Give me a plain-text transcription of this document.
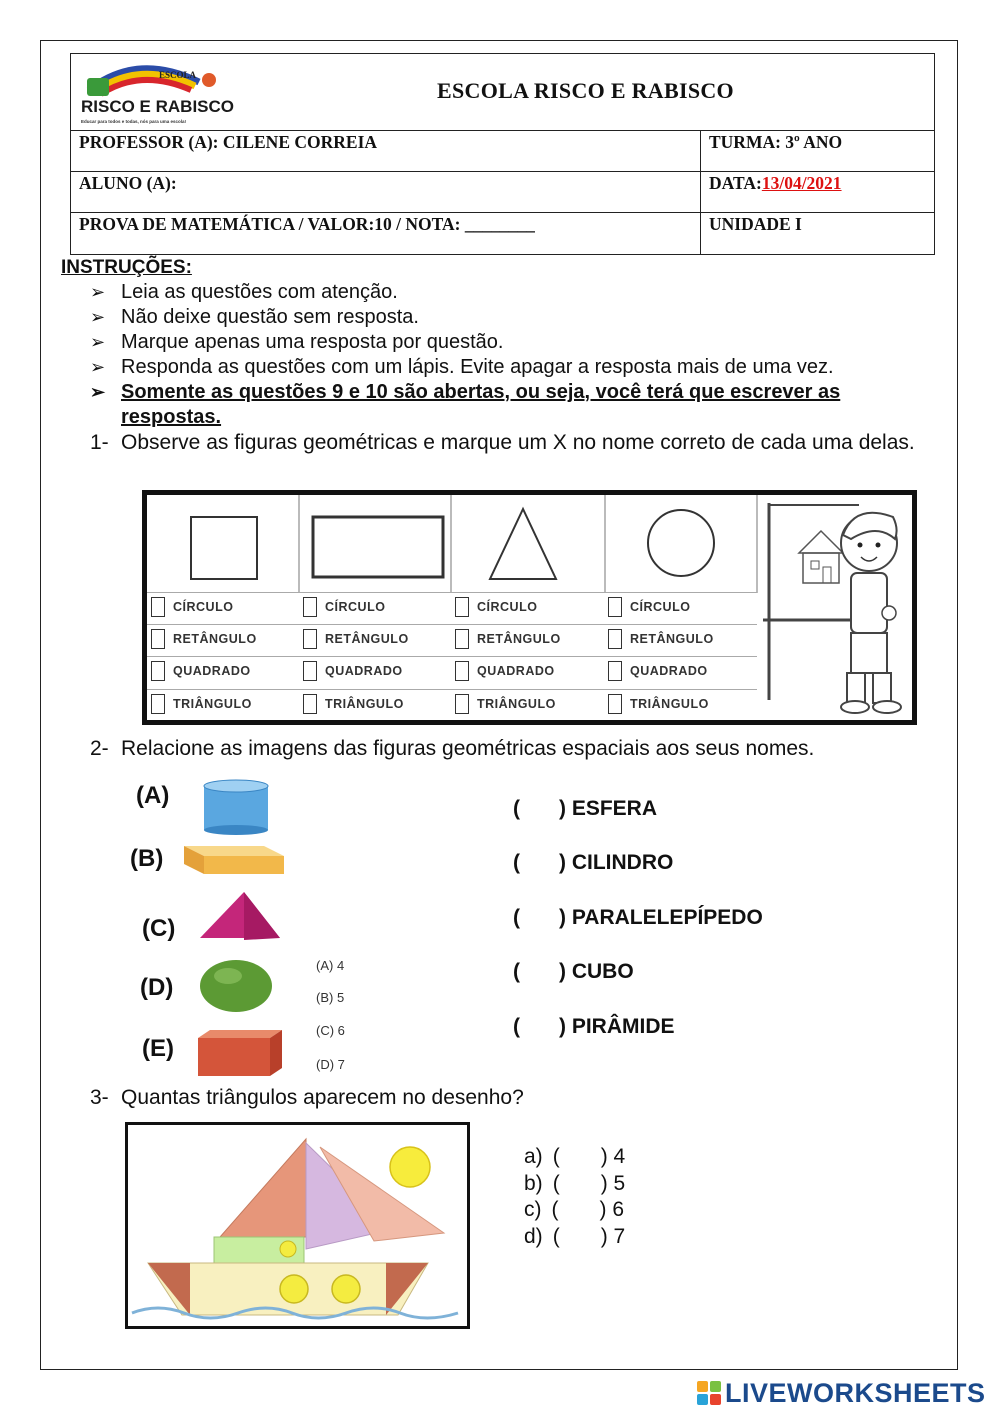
ESCOLA
RISCO E RABISCO
Educar para todos e todas, nós para uma escola!
ESCOLA RISCO E RABISCO
PROFESSOR (A): CILENE CORREIA	TURMA: 3º ANO
ALUNO (A):	DATA:13/04/2021
PROVA DE MATEMÁTICA / VALOR:10 / NOTA: ________	UNIDADE I
INSTRUÇÕES:
➢ Leia as questões com atenção.
➢ Não deixe questão sem resposta.
➢ Marque apenas uma resposta por questão.
➢ Responda as questões com um lápis. Evite apagar a resposta mais de uma vez.
➢ Somente as questões 9 e 10 são abertas, ou seja, você terá que escrever as respostas.
1- Observe as figuras geométricas e marque um X no nome correto de cada uma delas.
CÍRCULO
RETÂNGULO
QUADRADO
TRIÂNGULO
CÍRCULO
RETÂNGULO
QUADRADO
TRIÂNGULO
CÍRCULO
RETÂNGULO
QUADRADO
TRIÂNGULO
CÍRCULO
RETÂNGULO
QUADRADO
TRIÂNGULO
2- Relacione as imagens das figuras geométricas espaciais aos seus nomes.
(A)
(B)
(C)
(D)
(E)
(A) 4
(B) 5
(C) 6
(D) 7
( ) ESFERA
( ) CILINDRO
( ) PARALELEPÍPEDO
( ) CUBO
( ) PIRÂMIDE
3- Quantas triângulos aparecem no desenho?
a) ( ) 4
b) ( ) 5
c) ( ) 6
d) ( ) 7
LIVEWORKSHEETS
